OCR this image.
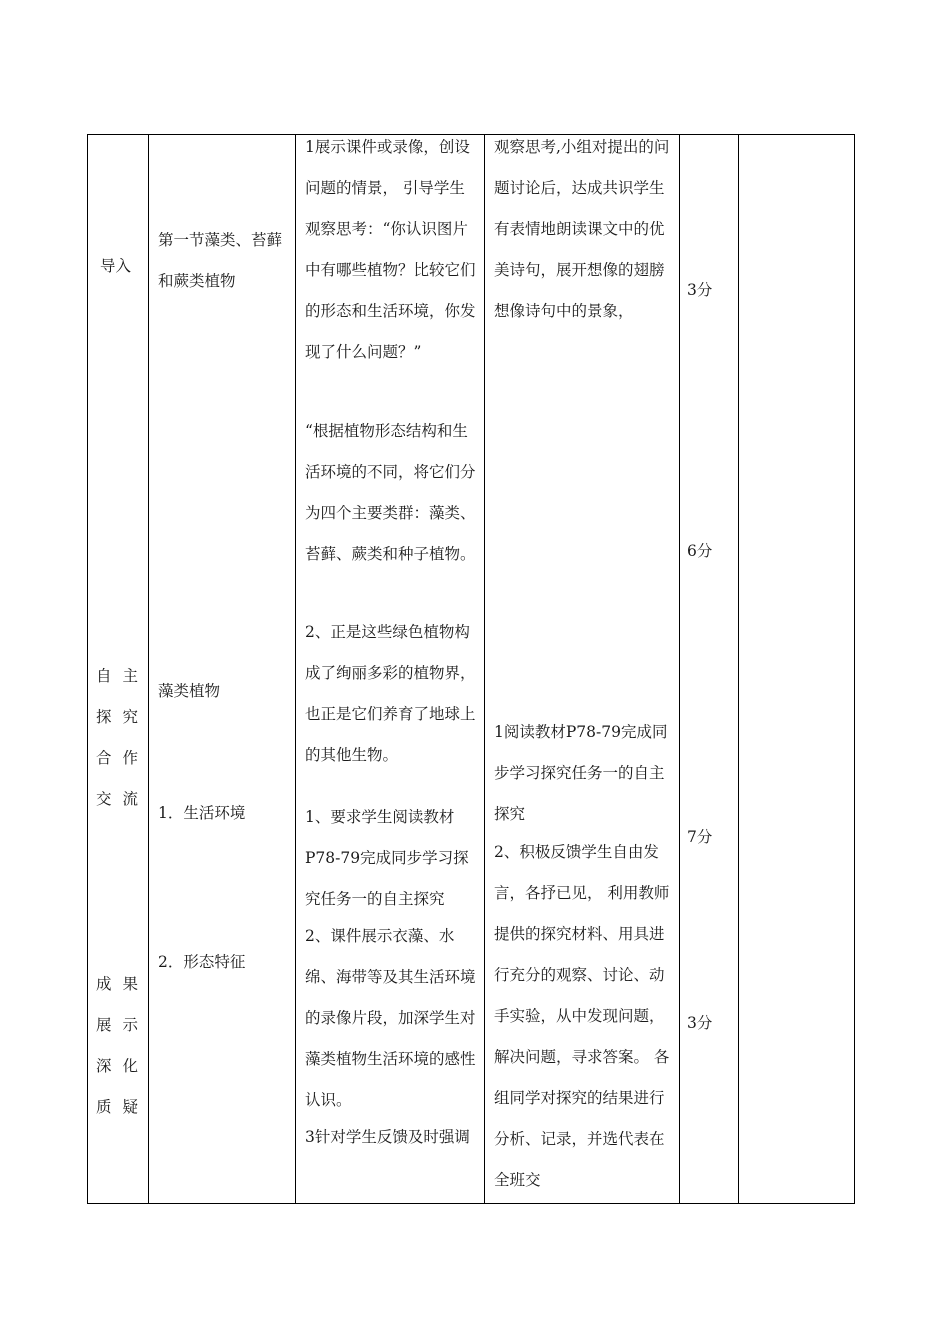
导入
自 主
探 究
合 作
交流
成 果
展 示
深 化
质疑
第一节藻类、苔藓和蕨类植物
藻类植物
1．生活环境
2．形态特征
1展示课件或录像，创设问题的情景， 引导学生观察思考：“你认识图片中有哪些植物？比较它们的形态和生活环境，你发现了什么问题？”
“根据植物形态结构和生活环境的不同，将它们分为四个主要类群：藻类、苔藓、蕨类和种子植物。
2、正是这些绿色植物构成了绚丽多彩的植物界，也正是它们养育了地球上的其他生物。
1、要求学生阅读教材P78-79完成同步学习探究任务一的自主探究
2、课件展示衣藻、水绵、海带等及其生活环境的录像片段，加深学生对藻类植物生活环境的感性认识。
3针对学生反馈及时强调
观察思考,小组对提出的问题讨论后，达成共识学生有表情地朗读课文中的优美诗句，展开想像的翅膀想像诗句中的景象，
1阅读教材P78-79完成同步学习探究任务一的自主探究
2、积极反馈学生自由发言，各抒已见， 利用教师提供的探究材料、用具进行充分的观察、讨论、动手实验，从中发现问题，解决问题，寻求答案。 各组同学对探究的结果进行分析、记录，并选代表在全班交
3分
6分
7分
3分
